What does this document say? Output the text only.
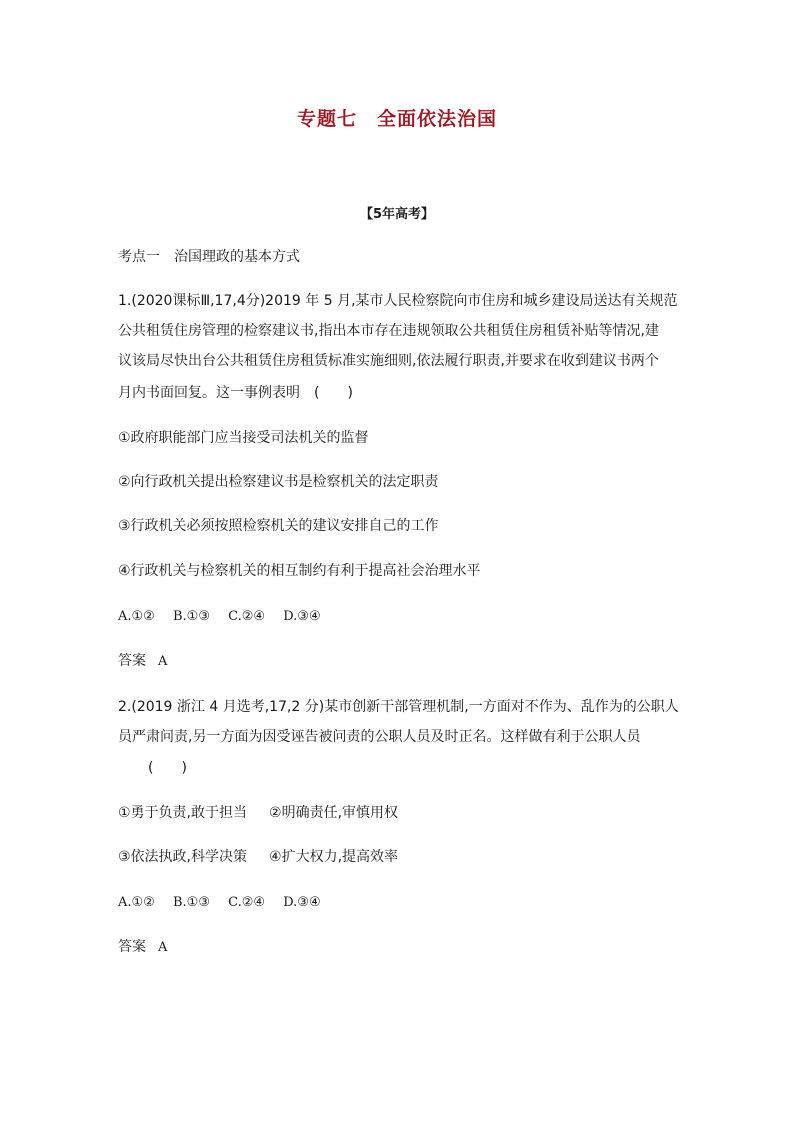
专题七　全面依法治国
【5年高考】
考点一　治国理政的基本方式
1.(2020课标Ⅲ,17,4分)2019 年 5 月,某市人民检察院向市住房和城乡建设局送达有关规范
公共租赁住房管理的检察建议书,指出本市存在违规领取公共租赁住房租赁补贴等情况,建
议该局尽快出台公共租赁住房租赁标准实施细则,依法履行职责,并要求在收到建议书两个
月内书面回复。这一事例表明　(　　)
①政府职能部门应当接受司法机关的监督
②向行政机关提出检察建议书是检察机关的法定职责
③行政机关必须按照检察机关的建议安排自己的工作
④行政机关与检察机关的相互制约有利于提高社会治理水平
A.①② B.①③ C.②④ D.③④
答案 A
2.(2019 浙江 4 月选考,17,2 分)某市创新干部管理机制,一方面对不作为、乱作为的公职人
员严肃问责,另一方面为因受诬告被问责的公职人员及时正名。这样做有利于公职人员
(　　)
①勇于负责,敢于担当 ②明确责任,审慎用权
③依法执政,科学决策 ④扩大权力,提高效率
A.①② B.①③ C.②④ D.③④
答案 A
